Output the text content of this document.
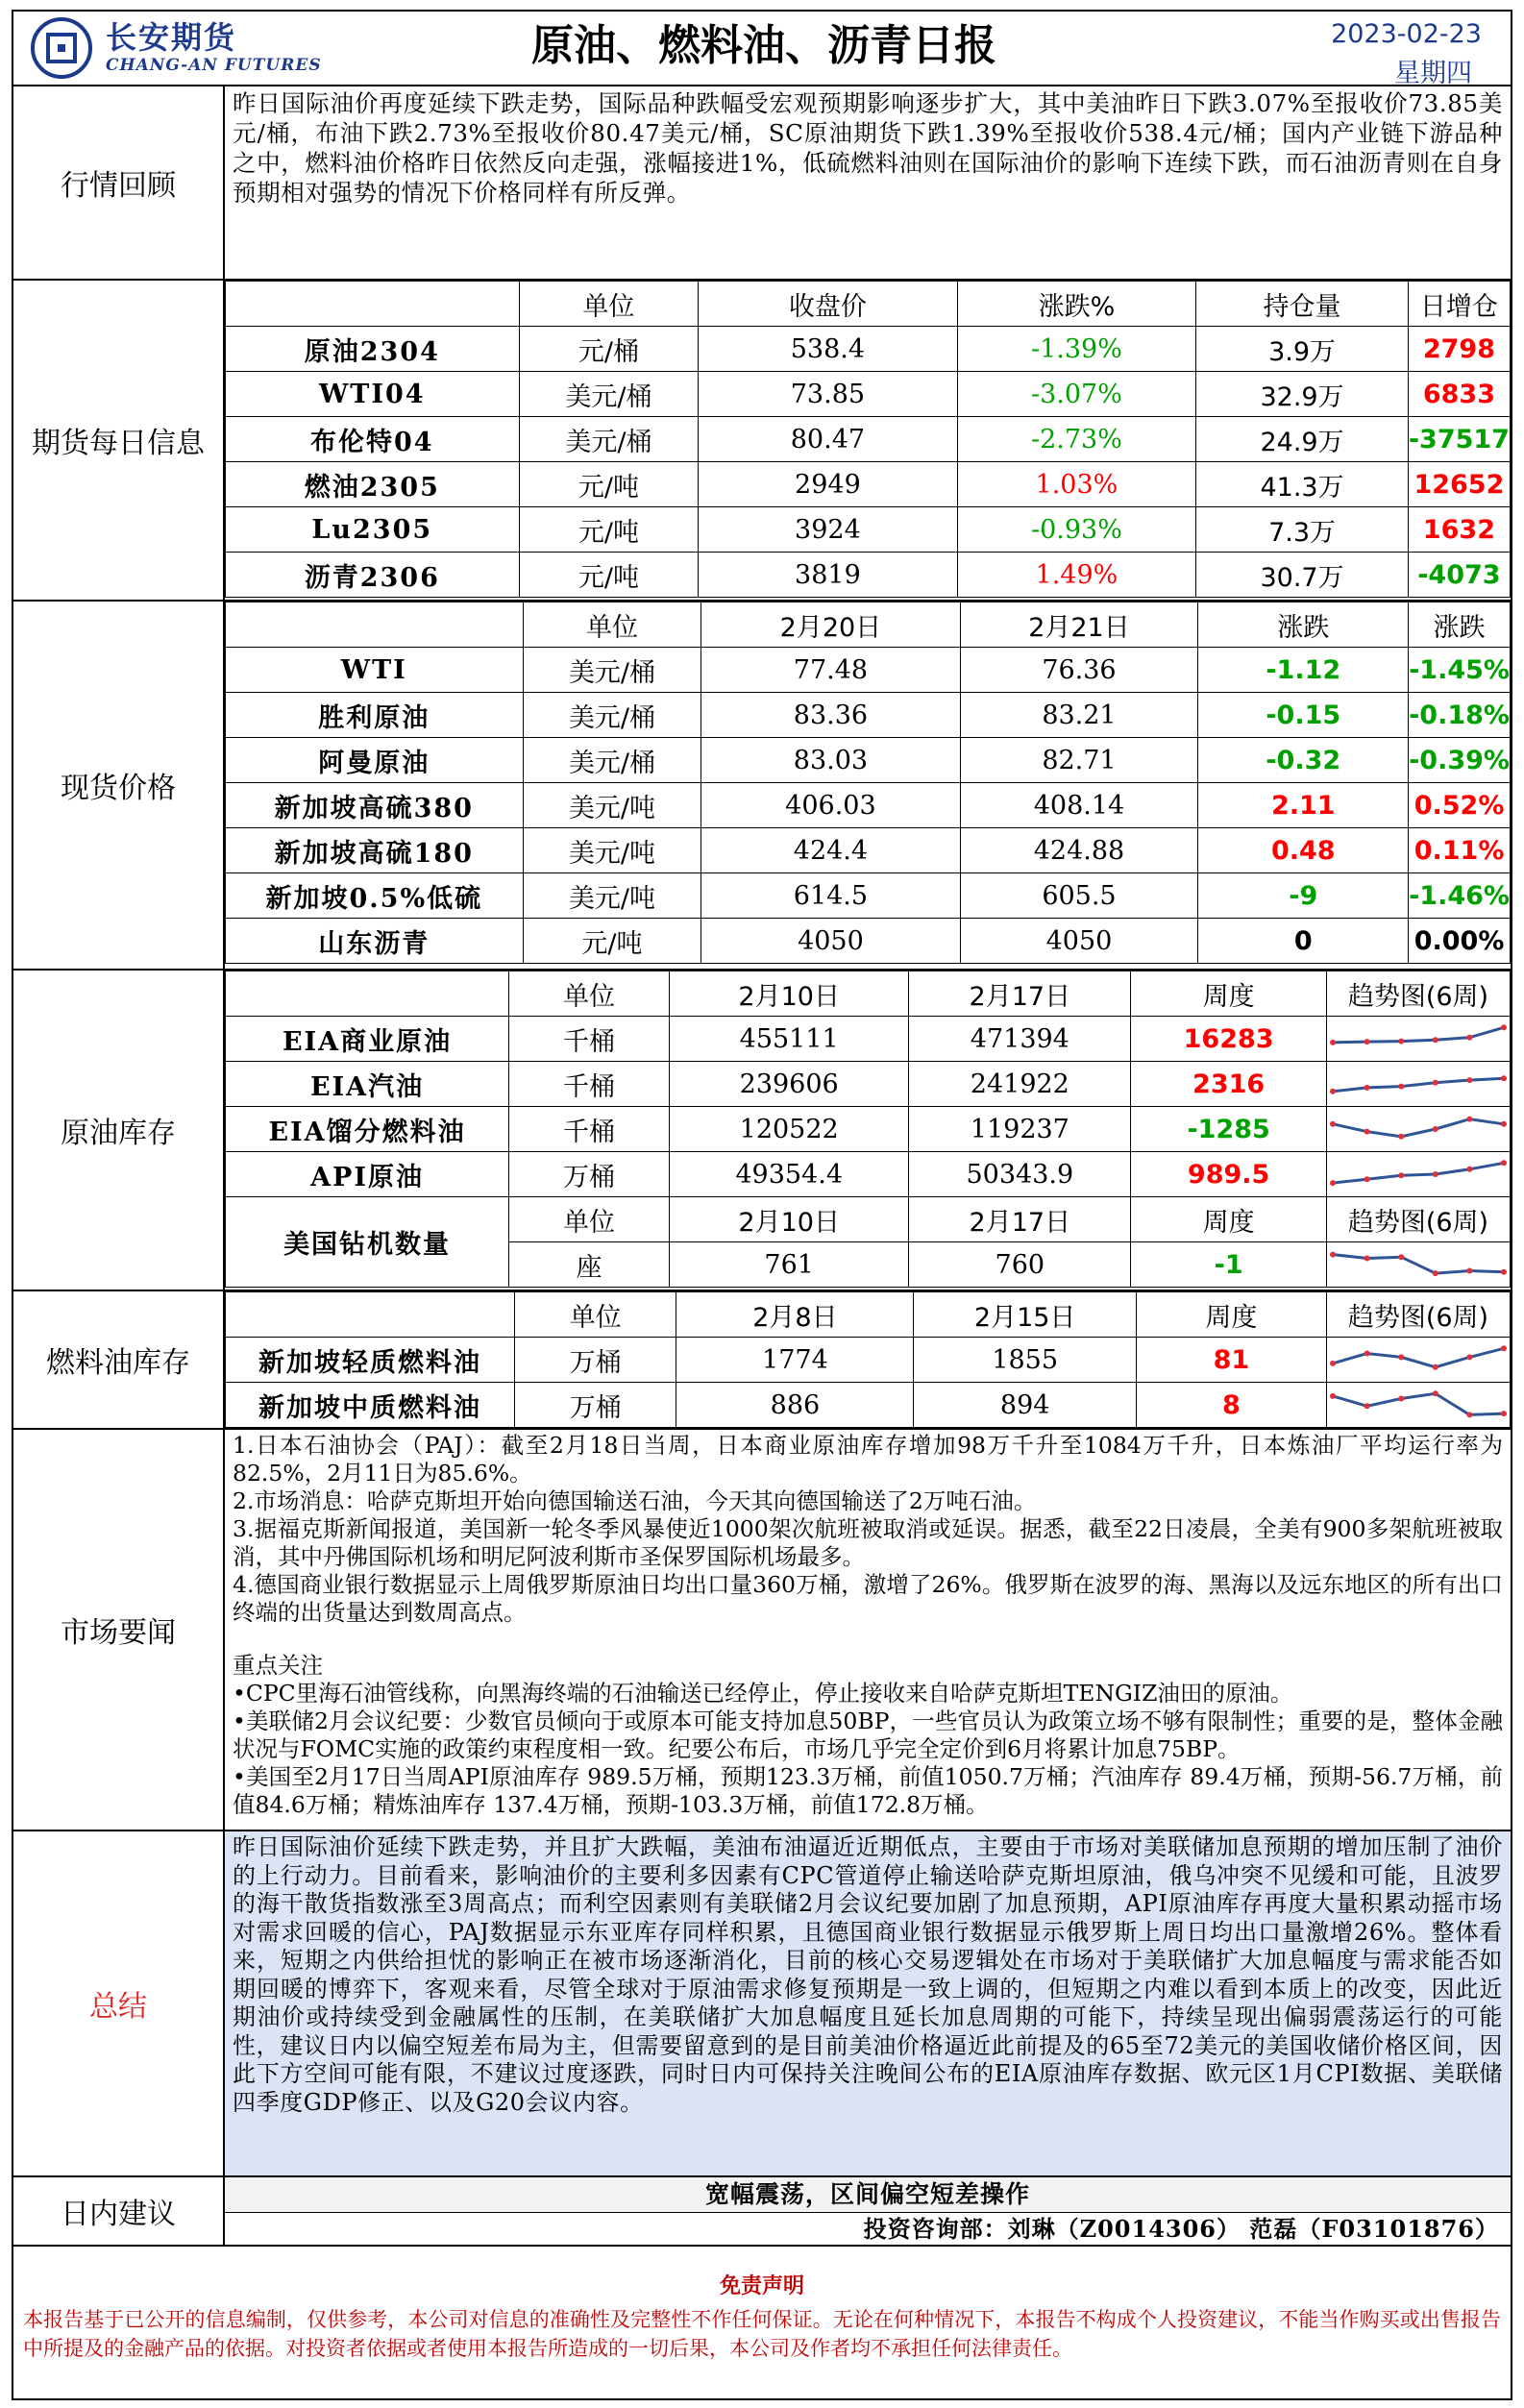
长安期货
CHANG-AN FUTURES	原油、燃料油、沥青日报	2023-02-23
星期四
行情回顾
昨日国际油价再度延续下跌走势，国际品种跌幅受宏观预期影响逐步扩大，其中美油昨日下跌3.07%至报收价73.85美元/桶，布油下跌2.73%至报收价80.47美元/桶，SC原油期货下跌1.39%至报收价538.4元/桶；国内产业链下游品种之中，燃料油价格昨日依然反向走强，涨幅接进1%，低硫燃料油则在国际油价的影响下连续下跌，而石油沥青则在自身预期相对强势的情况下价格同样有所反弹。
期货每日信息
	单位	收盘价	涨跌%	持仓量	日增仓
原油2304	元/桶	538.4	-1.39%	3.9万	2798
WTI04	美元/桶	73.85	-3.07%	32.9万	6833
布伦特04	美元/桶	80.47	-2.73%	24.9万	-37517
燃油2305	元/吨	2949	1.03%	41.3万	12652
Lu2305	元/吨	3924	-0.93%	7.3万	1632
沥青2306	元/吨	3819	1.49%	30.7万	-4073
现货价格
	单位	2月20日	2月21日	涨跌	涨跌
WTI	美元/桶	77.48	76.36	-1.12	-1.45%
胜利原油	美元/桶	83.36	83.21	-0.15	-0.18%
阿曼原油	美元/桶	83.03	82.71	-0.32	-0.39%
新加坡高硫380	美元/吨	406.03	408.14	2.11	0.52%
新加坡高硫180	美元/吨	424.4	424.88	0.48	0.11%
新加坡0.5%低硫	美元/吨	614.5	605.5	-9	-1.46%
山东沥青	元/吨	4050	4050	0	0.00%
原油库存
	单位	2月10日	2月17日	周度	趋势图(6周)
EIA商业原油	千桶	455111	471394	16283	

EIA汽油	千桶	239606	241922	2316	

EIA馏分燃料油	千桶	120522	119237	-1285	

API原油	万桶	49354.4	50343.9	989.5	

美国钻机数量	单位	2月10日	2月17日	周度	趋势图(6周)
	座	761	760	-1	
燃料油库存
	单位	2月8日	2月15日	周度	趋势图(6周)
新加坡轻质燃料油	万桶	1774	1855	81	

新加坡中质燃料油	万桶	886	894	8	
市场要闻
1.日本石油协会（PAJ）：截至2月18日当周，日本商业原油库存增加98万千升至1084万千升，日本炼油厂平均运行率为82.5%，2月11日为85.6%。
2.市场消息：哈萨克斯坦开始向德国输送石油，今天其向德国输送了2万吨石油。
3.据福克斯新闻报道，美国新一轮冬季风暴使近1000架次航班被取消或延误。据悉，截至22日凌晨，全美有900多架航班被取消，其中丹佛国际机场和明尼阿波利斯市圣保罗国际机场最多。
4.德国商业银行数据显示上周俄罗斯原油日均出口量360万桶，激增了26%。俄罗斯在波罗的海、黑海以及远东地区的所有出口终端的出货量达到数周高点。
重点关注
•CPC里海石油管线称，向黑海终端的石油输送已经停止，停止接收来自哈萨克斯坦TENGIZ油田的原油。
•美联储2月会议纪要：少数官员倾向于或原本可能支持加息50BP，一些官员认为政策立场不够有限制性；重要的是，整体金融状况与FOMC实施的政策约束程度相一致。纪要公布后，市场几乎完全定价到6月将累计加息75BP。
•美国至2月17日当周API原油库存 989.5万桶，预期123.3万桶，前值1050.7万桶；汽油库存 89.4万桶，预期-56.7万桶，前值84.6万桶；精炼油库存 137.4万桶，预期-103.3万桶，前值172.8万桶。
总结
昨日国际油价延续下跌走势，并且扩大跌幅，美油布油逼近近期低点，主要由于市场对美联储加息预期的增加压制了油价的上行动力。目前看来，影响油价的主要利多因素有CPC管道停止输送哈萨克斯坦原油，俄乌冲突不见缓和可能，且波罗的海干散货指数涨至3周高点；而利空因素则有美联储2月会议纪要加剧了加息预期，API原油库存再度大量积累动摇市场对需求回暖的信心，PAJ数据显示东亚库存同样积累，且德国商业银行数据显示俄罗斯上周日均出口量激增26%。整体看来，短期之内供给担忧的影响正在被市场逐渐消化，目前的核心交易逻辑处在市场对于美联储扩大加息幅度与需求能否如期回暖的博弈下，客观来看，尽管全球对于原油需求修复预期是一致上调的，但短期之内难以看到本质上的改变，因此近期油价或持续受到金融属性的压制，在美联储扩大加息幅度且延长加息周期的可能下，持续呈现出偏弱震荡运行的可能性，建议日内以偏空短差布局为主，但需要留意到的是目前美油价格逼近此前提及的65至72美元的美国收储价格区间，因此下方空间可能有限，不建议过度逐跌，同时日内可保持关注晚间公布的EIA原油库存数据、欧元区1月CPI数据、美联储四季度GDP修正、以及G20会议内容。
日内建议
宽幅震荡，区间偏空短差操作
投资咨询部：刘琳（Z0014306） 范磊（F03101876）
免责声明
本报告基于已公开的信息编制，仅供参考，本公司对信息的准确性及完整性不作任何保证。无论在何种情况下，本报告不构成个人投资建议，不能当作购买或出售报告中所提及的金融产品的依据。对投资者依据或者使用本报告所造成的一切后果，本公司及作者均不承担任何法律责任。
